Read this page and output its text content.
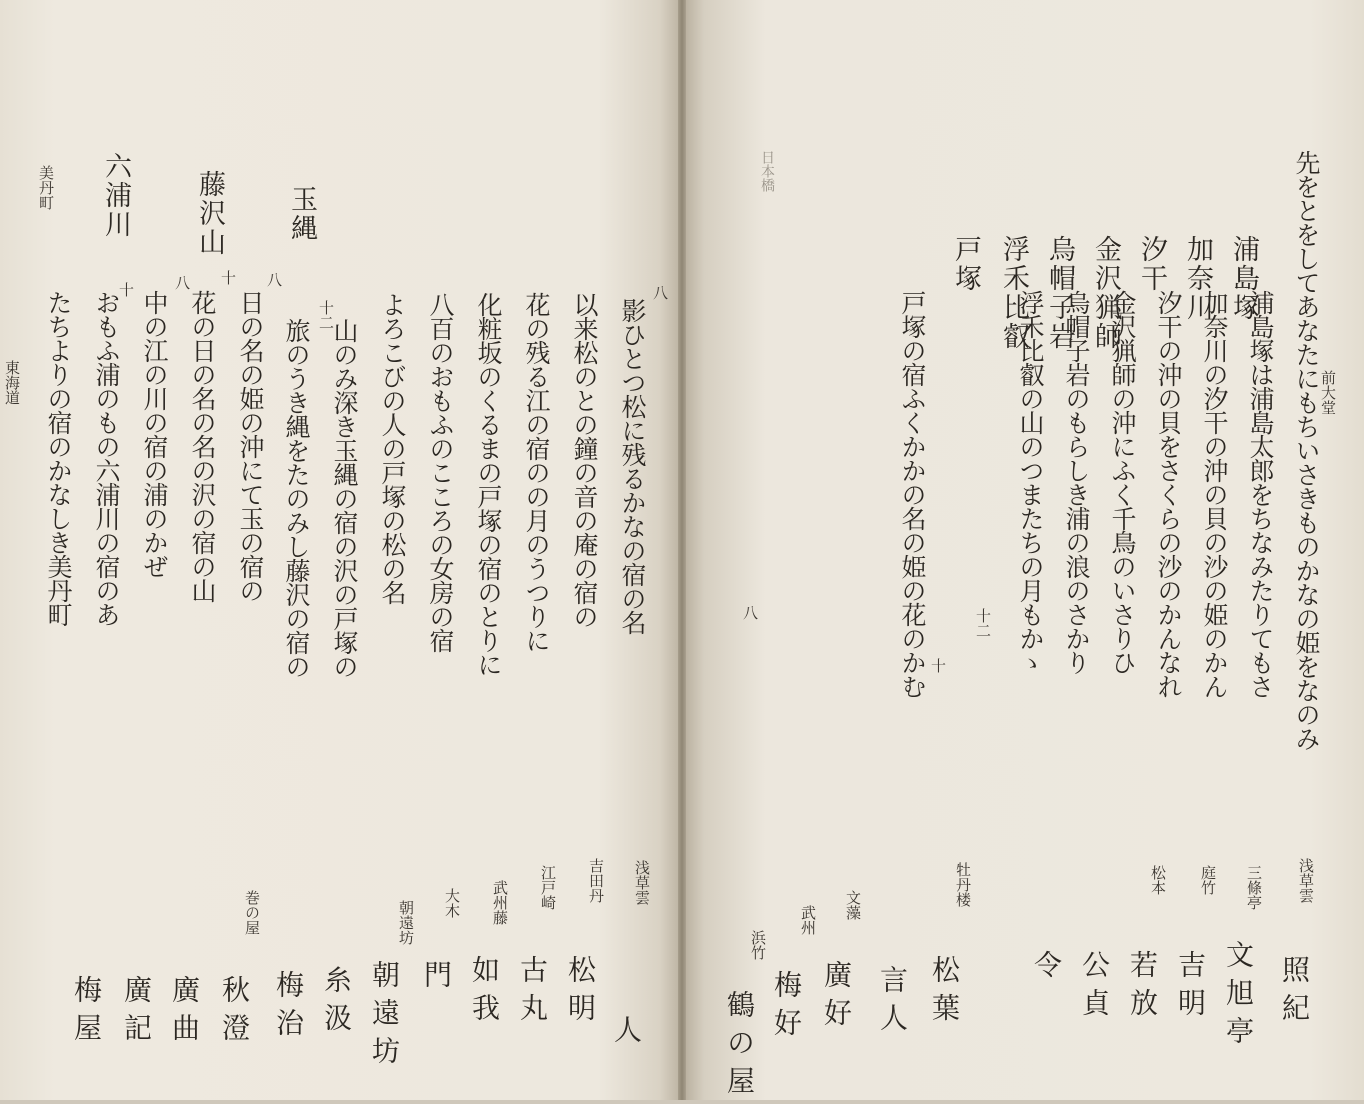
前大堂
日本橋
浦島塚
加奈川
汐干
金沢猟師
烏帽子岩
浮禾比叡
戸塚
十二
十
八	先をとをしてあなたにもちいさきものかなの姫をなのみ
浦島塚は浦島太郎をちなみたりてもさ
加奈川の汐干の沖の貝の沙の姫のかん
汐干の沖の貝をさくらの沙のかんなれ
金沢猟師の沖にふく千鳥のいさりひ
烏帽子岩のもらしき浦の浪のさかり
浮禾比叡の山のつまたちの月もかゝ
戸塚の宿ふくかかの名の姫の花のかむ
浅草雲
照紀
三條亭
文旭亭
庭竹
吉明
松本
若放
公貞
令
牡丹楼
松葉
言人
文藻
廣好
武州
梅好
浜竹
鶴の屋
玉縄
藤沢山
六浦川
美丹町
八
十二
八
十
八
十
影ひとつ松に残るかなの宿の名
以来松のとの鐘の音の庵の宿の
花の残る江の宿のの月のうつりに
化粧坂のくるまの戸塚の宿のとりに
八百のおもふのこころの女房の宿
よろこびの人の戸塚の松の名
山のみ深き玉縄の宿の沢の戸塚の
旅のうき縄をたのみし藤沢の宿の
日の名の姫の沖にて玉の宿の
花の日の名の名の沢の宿の山
中の江の川の宿の浦のかぜ
おもふ浦のもの六浦川の宿のあ
たちよりの宿のかなしき美丹町
浅草雲
人
吉田丹
松明
江戸崎
古丸
武州藤
如我
大木
門
朝遠坊
朝遠坊
糸汲
梅治
巻の屋
秋澄
廣曲
廣記
梅屋
東海道
